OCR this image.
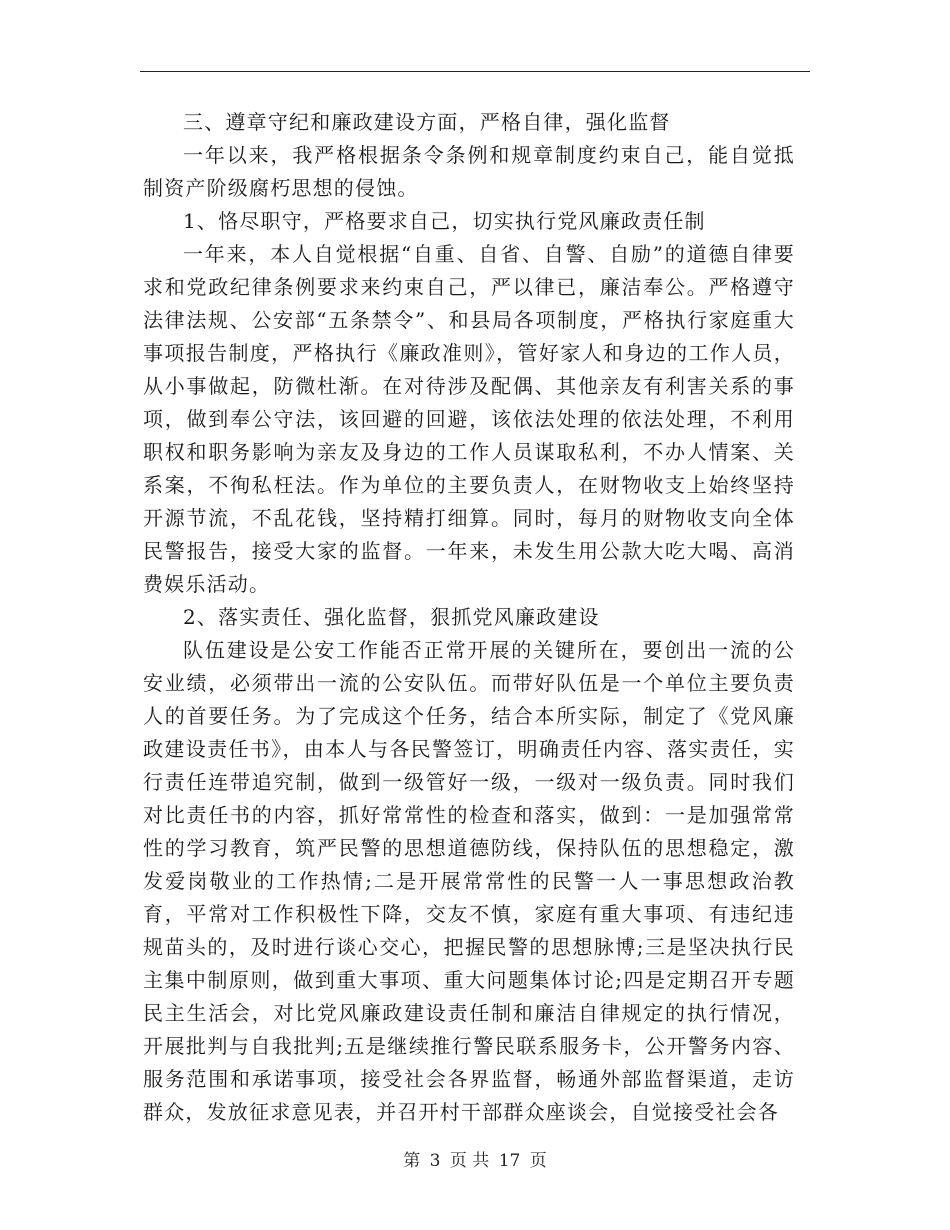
三、遵章守纪和廉政建设方面，严格自律，强化监督

一年以来，我严格根据条令条例和规章制度约束自己，能自觉抵制资产阶级腐朽思想的侵蚀。

1、恪尽职守，严格要求自己，切实执行党风廉政责任制

一年来，本人自觉根据“自重、自省、自警、自励”的道德自律要求和党政纪律条例要求来约束自己，严以律已，廉洁奉公。严格遵守法律法规、公安部“五条禁令”、和县局各项制度，严格执行家庭重大事项报告制度，严格执行《廉政准则》，管好家人和身边的工作人员，从小事做起，防微杜渐。在对待涉及配偶、其他亲友有利害关系的事项，做到奉公守法，该回避的回避，该依法处理的依法处理，不利用职权和职务影响为亲友及身边的工作人员谋取私利，不办人情案、关系案，不徇私枉法。作为单位的主要负责人，在财物收支上始终坚持开源节流，不乱花钱，坚持精打细算。同时，每月的财物收支向全体民警报告，接受大家的监督。一年来，未发生用公款大吃大喝、高消费娱乐活动。

2、落实责任、强化监督，狠抓党风廉政建设

队伍建设是公安工作能否正常开展的关键所在，要创出一流的公安业绩，必须带出一流的公安队伍。而带好队伍是一个单位主要负责人的首要任务。为了完成这个任务，结合本所实际，制定了《党风廉政建设责任书》，由本人与各民警签订，明确责任内容、落实责任，实行责任连带追究制，做到一级管好一级，一级对一级负责。同时我们对比责任书的内容，抓好常常性的检查和落实，做到：一是加强常常性的学习教育，筑严民警的思想道德防线，保持队伍的思想稳定，激发爱岗敬业的工作热情;二是开展常常性的民警一人一事思想政治教育，平常对工作积极性下降，交友不慎，家庭有重大事项、有违纪违规苗头的，及时进行谈心交心，把握民警的思想脉博;三是坚决执行民主集中制原则，做到重大事项、重大问题集体讨论;四是定期召开专题民主生活会，对比党风廉政建设责任制和廉洁自律规定的执行情况，开展批判与自我批判;五是继续推行警民联系服务卡，公开警务内容、服务范围和承诺事项，接受社会各界监督，畅通外部监督渠道，走访群众，发放征求意见表，并召开村干部群众座谈会，自觉接受社会各

第 3 页 共 17 页
